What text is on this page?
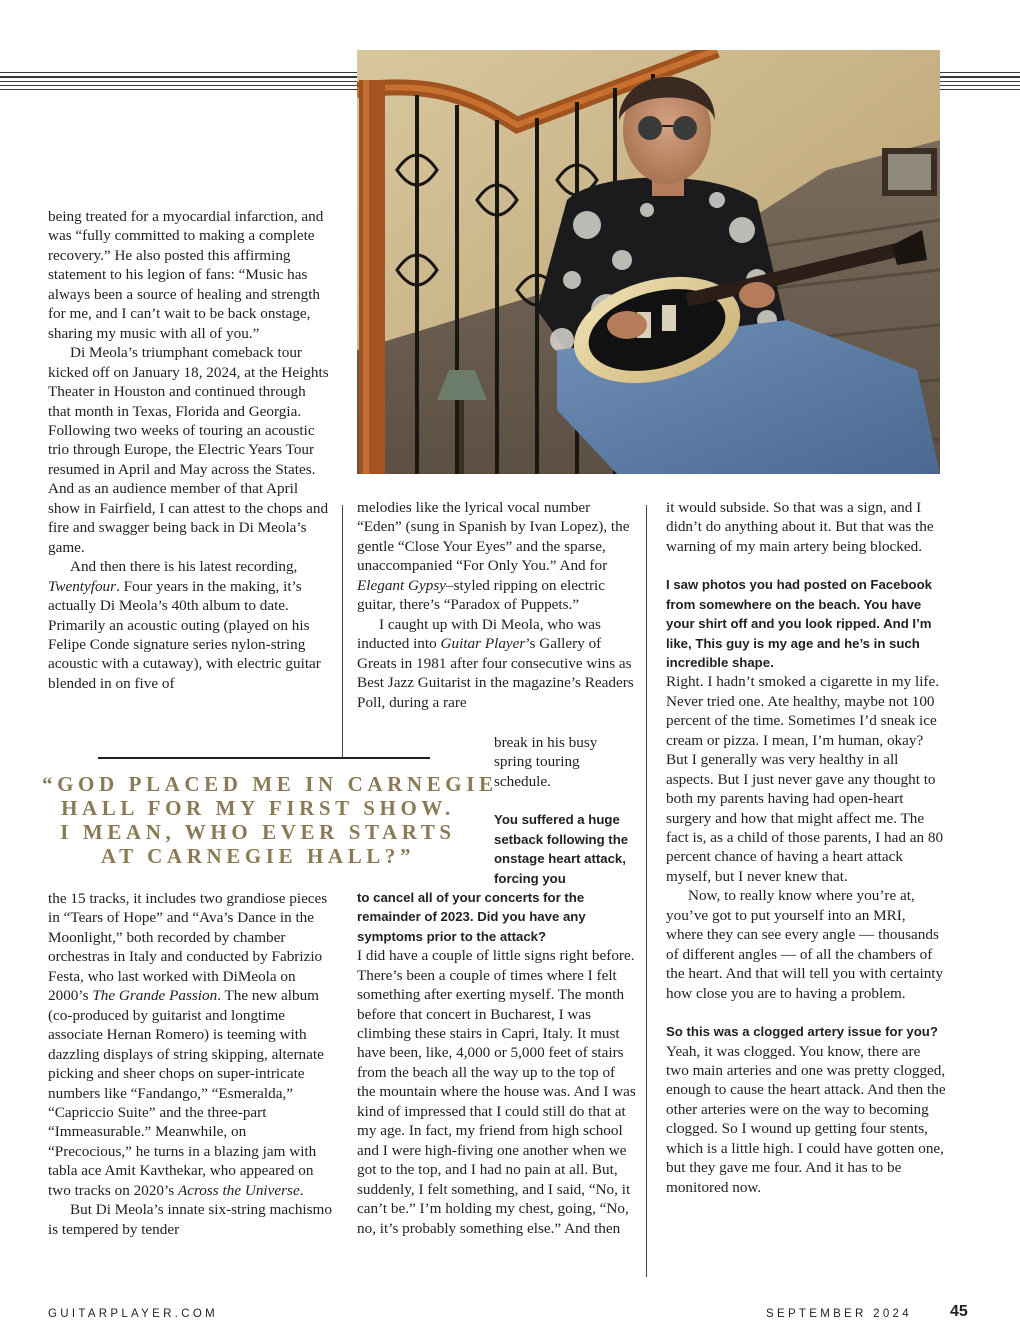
being treated for a myocardial infarction, and was “fully committed to making a complete recovery.” He also posted this affirming statement to his legion of fans: “Music has always been a source of healing and strength for me, and I can’t wait to be back onstage, sharing my music with all of you.”

Di Meola’s triumphant comeback tour kicked off on January 18, 2024, at the Heights Theater in Houston and continued through that month in Texas, Florida and Georgia. Following two weeks of touring an acoustic trio through Europe, the Electric Years Tour resumed in April and May across the States. And as an audience member of that April show in Fairfield, I can attest to the chops and fire and swagger being back in Di Meola’s game.

And then there is his latest recording, Twentyfour. Four years in the making, it’s actually Di Meola’s 40th album to date. Primarily an acoustic outing (played on his Felipe Conde signature series nylon-string acoustic with a cutaway), with electric guitar blended in on five of

“GOD PLACED ME IN CARNEGIE
HALL FOR MY FIRST SHOW.
I MEAN, WHO EVER STARTS
AT CARNEGIE HALL?”

the 15 tracks, it includes two grandiose pieces in “Tears of Hope” and “Ava’s Dance in the Moonlight,” both recorded by chamber orchestras in Italy and conducted by Fabrizio Festa, who last worked with DiMeola on 2000’s The Grande Passion. The new album (co-produced by guitarist and longtime associate Hernan Romero) is teeming with dazzling displays of string skipping, alternate picking and sheer chops on super-intricate numbers like “Fandango,” “Esmeralda,” “Capriccio Suite” and the three-part “Immeasurable.” Meanwhile, on “Precocious,” he turns in a blazing jam with tabla ace Amit Kavthekar, who appeared on two tracks on 2020’s Across the Universe.

But Di Meola’s innate six-string machismo is tempered by tender

melodies like the lyrical vocal number “Eden” (sung in Spanish by Ivan Lopez), the gentle “Close Your Eyes” and the sparse, unaccompanied “For Only You.” And for Elegant Gypsy–styled ripping on electric guitar, there’s “Paradox of Puppets.”

I caught up with Di Meola, who was inducted into Guitar Player’s Gallery of Greats in 1981 after four consecutive wins as Best Jazz Guitarist in the magazine’s Readers Poll, during a rare

break in his busy spring touring schedule.

You suffered a huge setback following the onstage heart attack, forcing you

to cancel all of your concerts for the remainder of 2023. Did you have any symptoms prior to the attack?

I did have a couple of little signs right before. There’s been a couple of times where I felt something after exerting myself. The month before that concert in Bucharest, I was climbing these stairs in Capri, Italy. It must have been, like, 4,000 or 5,000 feet of stairs from the beach all the way up to the top of the mountain where the house was. And I was kind of impressed that I could still do that at my age. In fact, my friend from high school and I were high-fiving one another when we got to the top, and I had no pain at all. But, suddenly, I felt something, and I said, “No, it can’t be.” I’m holding my chest, going, “No, no, it’s probably something else.” And then

it would subside. So that was a sign, and I didn’t do anything about it. But that was the warning of my main artery being blocked.

I saw photos you had posted on Facebook from somewhere on the beach. You have your shirt off and you look ripped. And I’m like, This guy is my age and he’s in such incredible shape.

Right. I hadn’t smoked a cigarette in my life. Never tried one. Ate healthy, maybe not 100 percent of the time. Sometimes I’d sneak ice cream or pizza. I mean, I’m human, okay? But I generally was very healthy in all aspects. But I just never gave any thought to both my parents having had open-heart surgery and how that might affect me. The fact is, as a child of those parents, I had an 80 percent chance of having a heart attack myself, but I never knew that.

Now, to really know where you’re at, you’ve got to put yourself into an MRI, where they can see every angle — thousands of different angles — of all the chambers of the heart. And that will tell you with certainty how close you are to having a problem.

So this was a clogged artery issue for you?

Yeah, it was clogged. You know, there are two main arteries and one was pretty clogged, enough to cause the heart attack. And then the other arteries were on the way to becoming clogged. So I wound up getting four stents, which is a little high. I could have gotten one, but they gave me four. And it has to be monitored now.

GUITARPLAYER.COM	SEPTEMBER 2024 45
